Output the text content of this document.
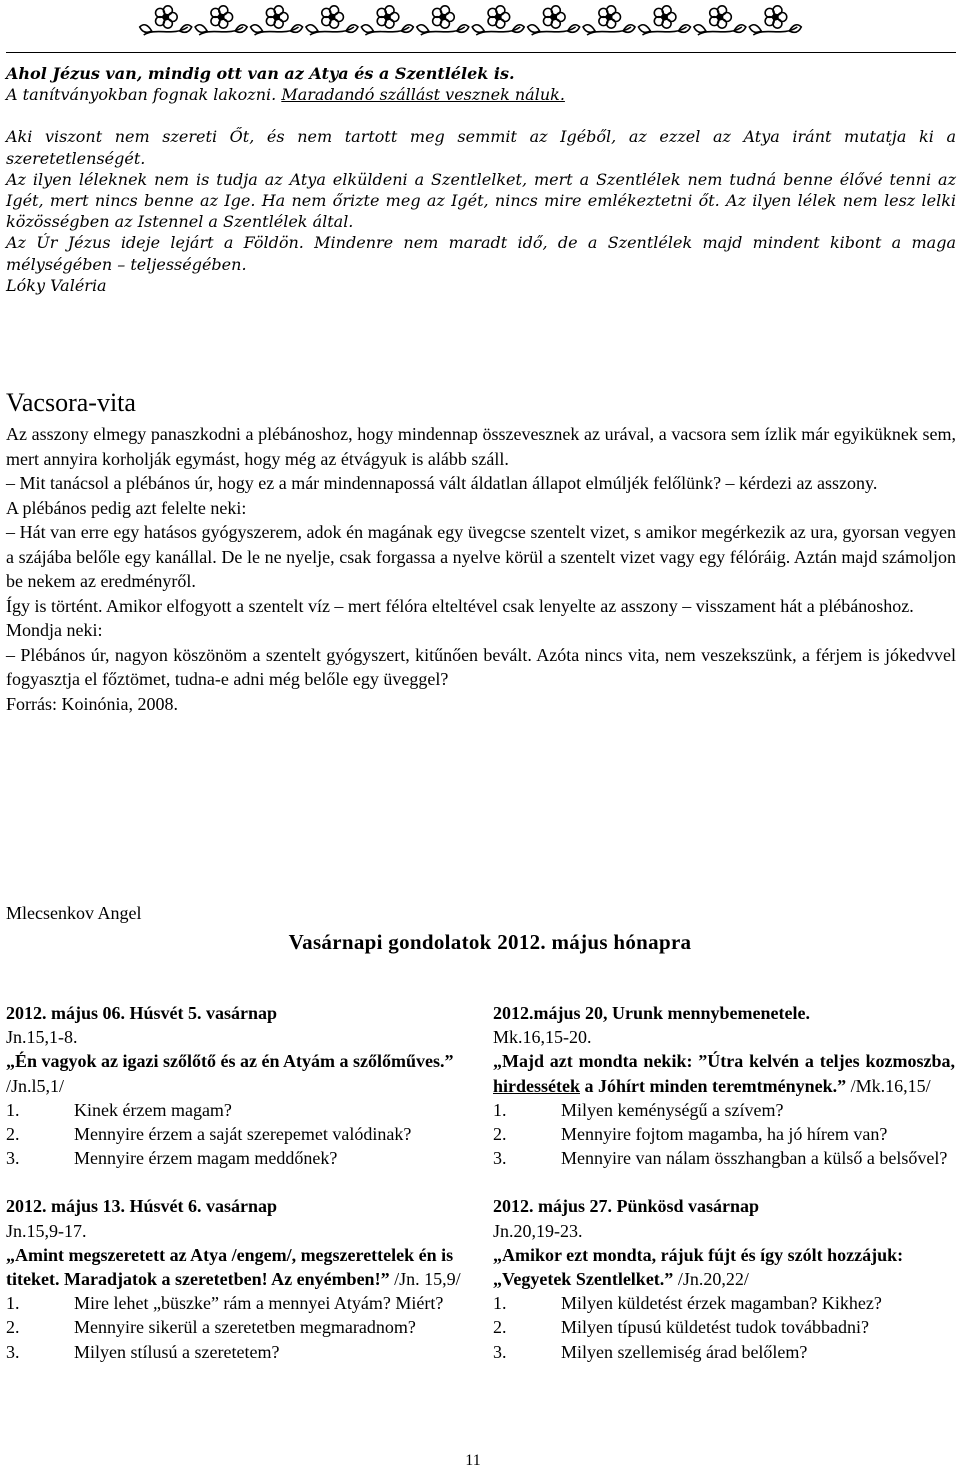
Ahol Jézus van, mindig ott van az Atya és a Szentlélek is.

A tanítványokban fognak lakozni. Maradandó szállást vesznek náluk.

Aki viszont nem szereti Őt, és nem tartott meg semmit az Igéből, az ezzel az Atya iránt mutatja ki a szeretetlenségét.

Az ilyen léleknek nem is tudja az Atya elküldeni a Szentlelket, mert a Szentlélek nem tudná benne élővé tenni az Igét, mert nincs benne az Ige. Ha nem őrizte meg az Igét, nincs mire emlékeztetni őt. Az ilyen lélek nem lesz lelki közösségben az Istennel a Szentlélek által.

Az Úr Jézus ideje lejárt a Földön. Mindenre nem maradt idő, de a Szentlélek majd mindent kibont a maga mélységében – teljességében.

Lóky Valéria

Vacsora-vita

Az asszony elmegy panaszkodni a plébánoshoz, hogy mindennap összevesznek az urával, a vacsora sem ízlik már egyiküknek sem, mert annyira korholják egymást, hogy még az étvágyuk is alább száll.

– Mit tanácsol a plébános úr, hogy ez a már mindennapossá vált áldatlan állapot elmúljék felőlünk? – kérdezi az asszony.

A plébános pedig azt felelte neki:

– Hát van erre egy hatásos gyógyszerem, adok én magának egy üvegcse szentelt vizet, s amikor megérkezik az ura, gyorsan vegyen a szájába belőle egy kanállal. De le ne nyelje, csak forgassa a nyelve körül a szentelt vizet vagy egy félóráig. Aztán majd számoljon be nekem az eredményről.

Így is történt. Amikor elfogyott a szentelt víz – mert félóra elteltével csak lenyelte az asszony – visszament hát a plébánoshoz.

Mondja neki:

– Plébános úr, nagyon köszönöm a szentelt gyógyszert, kitűnően bevált. Azóta nincs vita, nem veszekszünk, a férjem is jókedvvel fogyasztja el főztömet, tudna-e adni még belőle egy üveggel?

Forrás: Koinónia, 2008.

Mlecsenkov Angel
Vasárnapi gondolatok 2012. május hónapra

2012. május 06. Húsvét 5. vasárnap

Jn.15,1-8.

„Én vagyok az igazi szőlőtő és az én Atyám a szőlőműves.” /Jn.l5,1/

1.	Kinek érzem magam?
2.	Mennyire érzem a saját szerepemet valódinak?
3.	Mennyire érzem magam meddőnek?

2012. május 13. Húsvét 6. vasárnap

Jn.15,9-17.

„Amint megszeretett az Atya /engem/, megszerettelek én is titeket. Maradjatok a szeretetben! Az enyémben!” /Jn. 15,9/

1.	Mire lehet „büszke” rám a mennyei Atyám? Miért?
2.	Mennyire sikerül a szeretetben megmaradnom?
3.	Milyen stílusú a szeretetem?

2012.május 20, Urunk mennybemenetele.

Mk.16,15-20.

„Majd azt mondta nekik: ”Útra kelvén a teljes kozmoszba, hirdessétek a Jóhírt minden teremtménynek.” /Mk.16,15/

1.	Milyen keménységű a szívem?
2.	Mennyire fojtom magamba, ha jó hírem van?
3.	Mennyire van nálam összhangban a külső a belsővel?

2012. május 27. Pünkösd vasárnap

Jn.20,19-23.

„Amikor ezt mondta, rájuk fújt és így szólt hozzájuk: „Vegyetek Szentlelket.” /Jn.20,22/

1.	Milyen küldetést érzek magamban? Kikhez?
2.	Milyen típusú küldetést tudok továbbadni?
3.	Milyen szellemiség árad belőlem?
11
